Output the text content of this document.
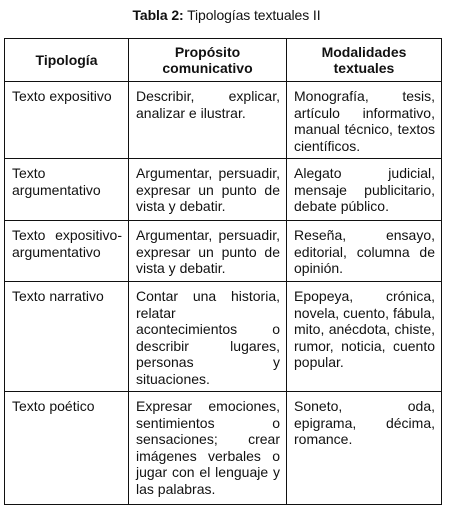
Tabla 2: Tipologías textuales II
Tipología	Propósito comunicativo	Modalidades textuales
Texto expositivo	Describir, explicar, analizar e ilustrar.	Monografía, tesis, artículo informativo, manual técnico, textos científicos.
Texto argumentativo	Argumentar, persuadir, expresar un punto de vista y debatir.	Alegato judicial, mensaje publicitario, debate público.
Texto expositivo-argumentativo	Argumentar, persuadir, expresar un punto de vista y debatir.	Reseña, ensayo, editorial, columna de opinión.
Texto narrativo	Contar una historia, relatar acontecimientos o describir lugares, personas y situaciones.	Epopeya, crónica, novela, cuento, fábula, mito, anécdota, chiste, rumor, noticia, cuento popular.
Texto poético	Expresar emociones, sentimientos o sensaciones; crear imágenes verbales o jugar con el lenguaje y las palabras.	Soneto, oda, epigrama, décima, romance.
